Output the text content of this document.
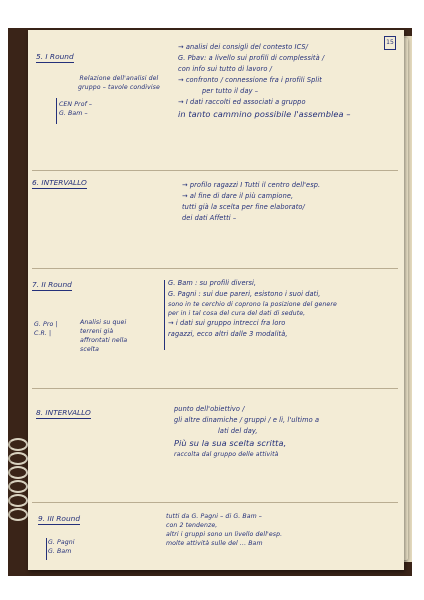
15
5. I Round
Relazione dell'analisi del
gruppo – tavole condivise
CEN Prof –
G. Bam –
→ analisi dei consigli del contesto ICS/
G. Pbav: a livello sui profili di complessità /
con info sui tutto di lavoro /
→ confronto / connessione fra i profili Split
per tutto il day –
→ I dati raccolti ed associati a gruppo
in tanto cammino possibile l'assemblea –
6. INTERVALLO	→ profilo ragazzi I Tutti il centro dell'esp.
→ al fine di dare il più campione,
tutti già la scelta per fine elaborato/
dei dati Affetti –
7. II Round
G. Pro |
C.R. |
Analisi su quei
terreni già
affrontati nella
scelta
G. Bam : su profili diversi,
G. Pagni : sui due pareri, esistono i suoi dati,
sono in te cerchio di coprono la posizione del genere
per in i tal cosa del cura del dati di sedute,
→ i dati sui gruppo intrecci fra loro
ragazzi, ecco altri dalle 3 modalità,
8. INTERVALLO	punto dell'obiettivo /
gli altre dinamiche / gruppi / e lì, l'ultimo a
lati del day,
Più su la sua scelta scritta,
raccolta dal gruppo delle attività
9. III Round
G. Pagni
G. Bam
tutti da G. Pagni – di G. Bam –
con 2 tendenze,
altri i gruppi sono un livello dell'esp.
molte attività sulle del ... Bam
